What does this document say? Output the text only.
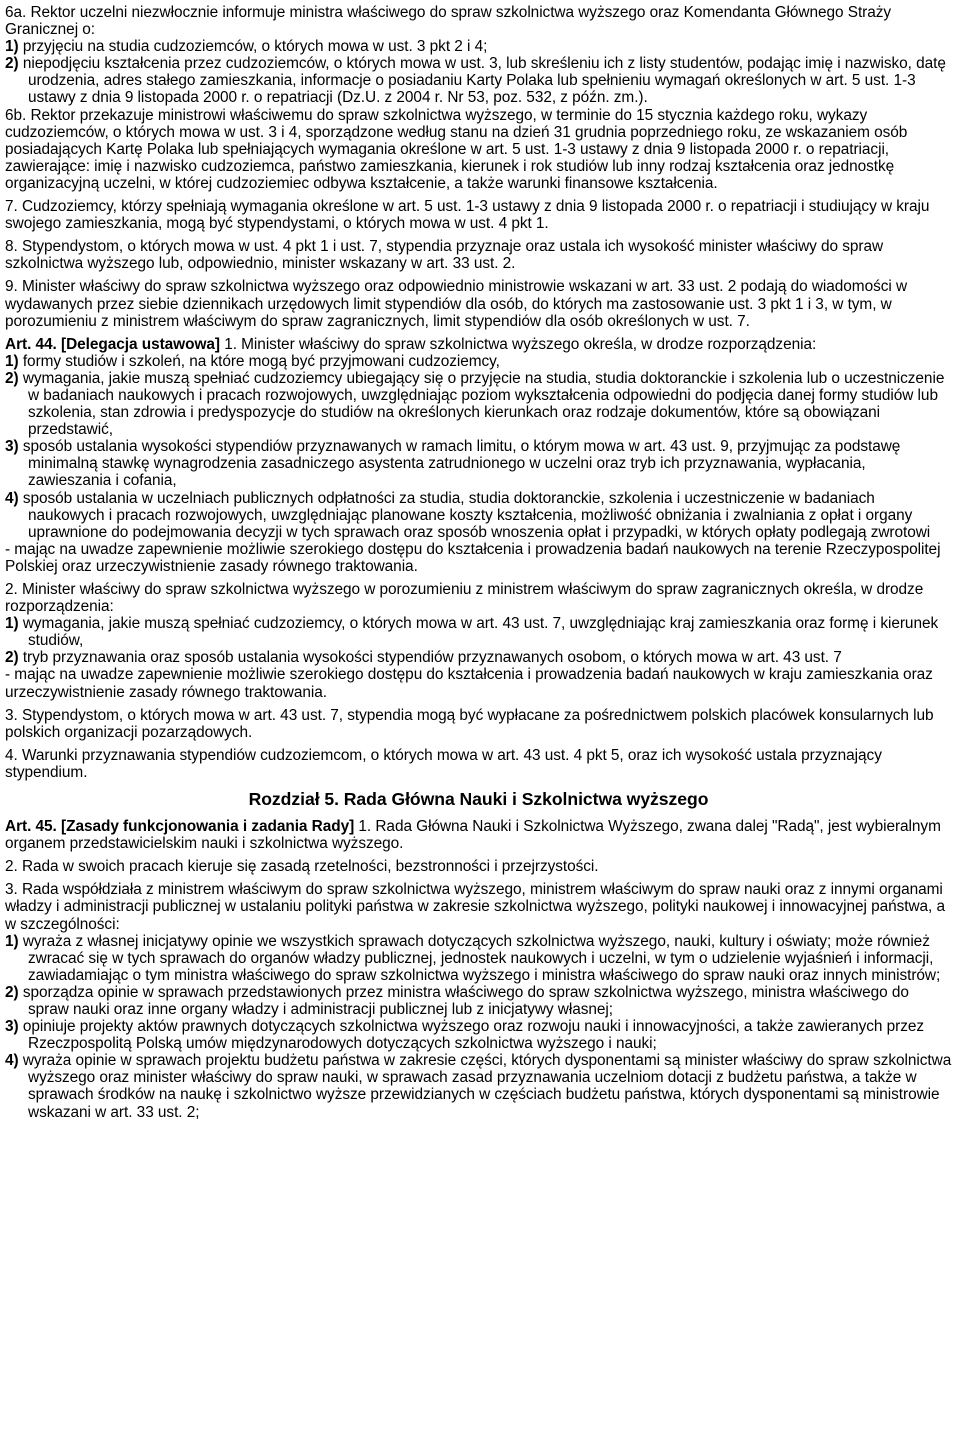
6a. Rektor uczelni niezwłocznie informuje ministra właściwego do spraw szkolnictwa wyższego oraz Komendanta Głównego Straży Granicznej o:

1) przyjęciu na studia cudzoziemców, o których mowa w ust. 3 pkt 2 i 4;

2) niepodjęciu kształcenia przez cudzoziemców, o których mowa w ust. 3, lub skreśleniu ich z listy studentów, podając imię i nazwisko, datę urodzenia, adres stałego zamieszkania, informacje o posiadaniu Karty Polaka lub spełnieniu wymagań określonych w art. 5 ust. 1-3 ustawy z dnia 9 listopada 2000 r. o repatriacji (Dz.U. z 2004 r. Nr 53, poz. 532, z późn. zm.).

6b. Rektor przekazuje ministrowi właściwemu do spraw szkolnictwa wyższego, w terminie do 15 stycznia każdego roku, wykazy cudzoziemców, o których mowa w ust. 3 i 4, sporządzone według stanu na dzień 31 grudnia poprzedniego roku, ze wskazaniem osób posiadających Kartę Polaka lub spełniających wymagania określone w art. 5 ust. 1-3 ustawy z dnia 9 listopada 2000 r. o repatriacji, zawierające: imię i nazwisko cudzoziemca, państwo zamieszkania, kierunek i rok studiów lub inny rodzaj kształcenia oraz jednostkę organizacyjną uczelni, w której cudzoziemiec odbywa kształcenie, a także warunki finansowe kształcenia.

7. Cudzoziemcy, którzy spełniają wymagania określone w art. 5 ust. 1-3 ustawy z dnia 9 listopada 2000 r. o repatriacji i studiujący w kraju swojego zamieszkania, mogą być stypendystami, o których mowa w ust. 4 pkt 1.

8. Stypendystom, o których mowa w ust. 4 pkt 1 i ust. 7, stypendia przyznaje oraz ustala ich wysokość minister właściwy do spraw szkolnictwa wyższego lub, odpowiednio, minister wskazany w art. 33 ust. 2.

9. Minister właściwy do spraw szkolnictwa wyższego oraz odpowiednio ministrowie wskazani w art. 33 ust. 2 podają do wiadomości w wydawanych przez siebie dziennikach urzędowych limit stypendiów dla osób, do których ma zastosowanie ust. 3 pkt 1 i 3, w tym, w porozumieniu z ministrem właściwym do spraw zagranicznych, limit stypendiów dla osób określonych w ust. 7.

Art. 44. [Delegacja ustawowa] 1. Minister właściwy do spraw szkolnictwa wyższego określa, w drodze rozporządzenia:

1) formy studiów i szkoleń, na które mogą być przyjmowani cudzoziemcy,

2) wymagania, jakie muszą spełniać cudzoziemcy ubiegający się o przyjęcie na studia, studia doktoranckie i szkolenia lub o uczestniczenie w badaniach naukowych i pracach rozwojowych, uwzględniając poziom wykształcenia odpowiedni do podjęcia danej formy studiów lub szkolenia, stan zdrowia i predyspozycje do studiów na określonych kierunkach oraz rodzaje dokumentów, które są obowiązani przedstawić,

3) sposób ustalania wysokości stypendiów przyznawanych w ramach limitu, o którym mowa w art. 43 ust. 9, przyjmując za podstawę minimalną stawkę wynagrodzenia zasadniczego asystenta zatrudnionego w uczelni oraz tryb ich przyznawania, wypłacania, zawieszania i cofania,

4) sposób ustalania w uczelniach publicznych odpłatności za studia, studia doktoranckie, szkolenia i uczestniczenie w badaniach naukowych i pracach rozwojowych, uwzględniając planowane koszty kształcenia, możliwość obniżania i zwalniania z opłat i organy uprawnione do podejmowania decyzji w tych sprawach oraz sposób wnoszenia opłat i przypadki, w których opłaty podlegają zwrotowi

- mając na uwadze zapewnienie możliwie szerokiego dostępu do kształcenia i prowadzenia badań naukowych na terenie Rzeczypospolitej Polskiej oraz urzeczywistnienie zasady równego traktowania.

2. Minister właściwy do spraw szkolnictwa wyższego w porozumieniu z ministrem właściwym do spraw zagranicznych określa, w drodze rozporządzenia:

1) wymagania, jakie muszą spełniać cudzoziemcy, o których mowa w art. 43 ust. 7, uwzględniając kraj zamieszkania oraz formę i kierunek studiów,

2) tryb przyznawania oraz sposób ustalania wysokości stypendiów przyznawanych osobom, o których mowa w art. 43 ust. 7

- mając na uwadze zapewnienie możliwie szerokiego dostępu do kształcenia i prowadzenia badań naukowych w kraju zamieszkania oraz urzeczywistnienie zasady równego traktowania.

3. Stypendystom, o których mowa w art. 43 ust. 7, stypendia mogą być wypłacane za pośrednictwem polskich placówek konsularnych lub polskich organizacji pozarządowych.

4. Warunki przyznawania stypendiów cudzoziemcom, o których mowa w art. 43 ust. 4 pkt 5, oraz ich wysokość ustala przyznający stypendium.

Rozdział 5. Rada Główna Nauki i Szkolnictwa wyższego

Art. 45. [Zasady funkcjonowania i zadania Rady] 1. Rada Główna Nauki i Szkolnictwa Wyższego, zwana dalej "Radą", jest wybieralnym organem przedstawicielskim nauki i szkolnictwa wyższego.

2. Rada w swoich pracach kieruje się zasadą rzetelności, bezstronności i przejrzystości.

3. Rada współdziała z ministrem właściwym do spraw szkolnictwa wyższego, ministrem właściwym do spraw nauki oraz z innymi organami władzy i administracji publicznej w ustalaniu polityki państwa w zakresie szkolnictwa wyższego, polityki naukowej i innowacyjnej państwa, a w szczególności:

1) wyraża z własnej inicjatywy opinie we wszystkich sprawach dotyczących szkolnictwa wyższego, nauki, kultury i oświaty; może również zwracać się w tych sprawach do organów władzy publicznej, jednostek naukowych i uczelni, w tym o udzielenie wyjaśnień i informacji, zawiadamiając o tym ministra właściwego do spraw szkolnictwa wyższego i ministra właściwego do spraw nauki oraz innych ministrów;

2) sporządza opinie w sprawach przedstawionych przez ministra właściwego do spraw szkolnictwa wyższego, ministra właściwego do spraw nauki oraz inne organy władzy i administracji publicznej lub z inicjatywy własnej;

3) opiniuje projekty aktów prawnych dotyczących szkolnictwa wyższego oraz rozwoju nauki i innowacyjności, a także zawieranych przez Rzeczpospolitą Polską umów międzynarodowych dotyczących szkolnictwa wyższego i nauki;

4) wyraża opinie w sprawach projektu budżetu państwa w zakresie części, których dysponentami są minister właściwy do spraw szkolnictwa wyższego oraz minister właściwy do spraw nauki, w sprawach zasad przyznawania uczelniom dotacji z budżetu państwa, a także w sprawach środków na naukę i szkolnictwo wyższe przewidzianych w częściach budżetu państwa, których dysponentami są ministrowie wskazani w art. 33 ust. 2;
